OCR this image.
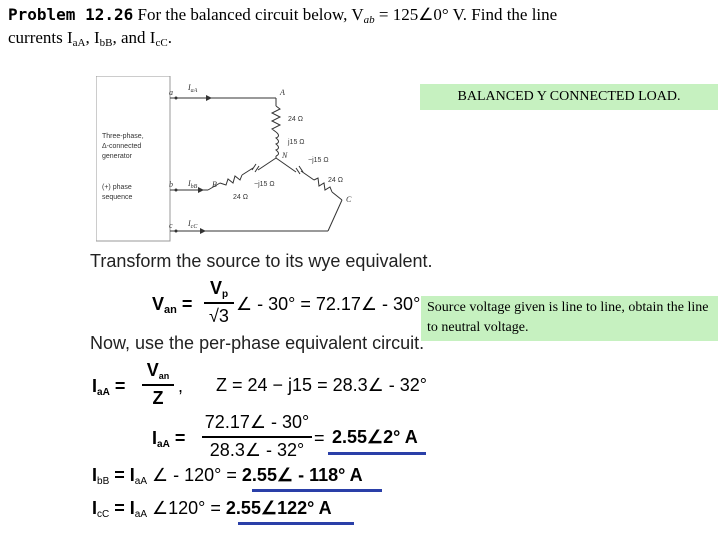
Problem 12.26 For the balanced circuit below, $V_{ab}$ = 125∠0° V. Find the line
currents $I_{aA}$, $I_{bB}$, and $I_{cC}$.
Three-phase,
Δ-connected
generator
(+) phase
sequence
a
$I_{aA}$	A
24 Ω
j15 Ω
N
−j15 Ω
24 Ω
C
−j15 Ω
24 Ω
b $I_{bB}$ B
c $I_{cC}$
BALANCED Y CONNECTED LOAD.
Source voltage given is line to line, obtain the line to neutral voltage.
Transform the source to its wye equivalent.
$V_{an}$ =
$V_p$
√3
∠ - 30° = 72.17∠ - 30°
Now, use the per-phase equivalent circuit.
$I_{aA}$ =
$V_{an}$
Z
, Z = 24 − j15 = 28.3∠ - 32°
$I_{aA}$ =
72.17∠ - 30°
28.3∠ - 32°
= 2.55∠2° A
$I_{bB} = I_{aA}$ ∠ - 120° = 2.55∠ - 118° A
$I_{cC} = I_{aA}$ ∠120° = 2.55∠122° A
